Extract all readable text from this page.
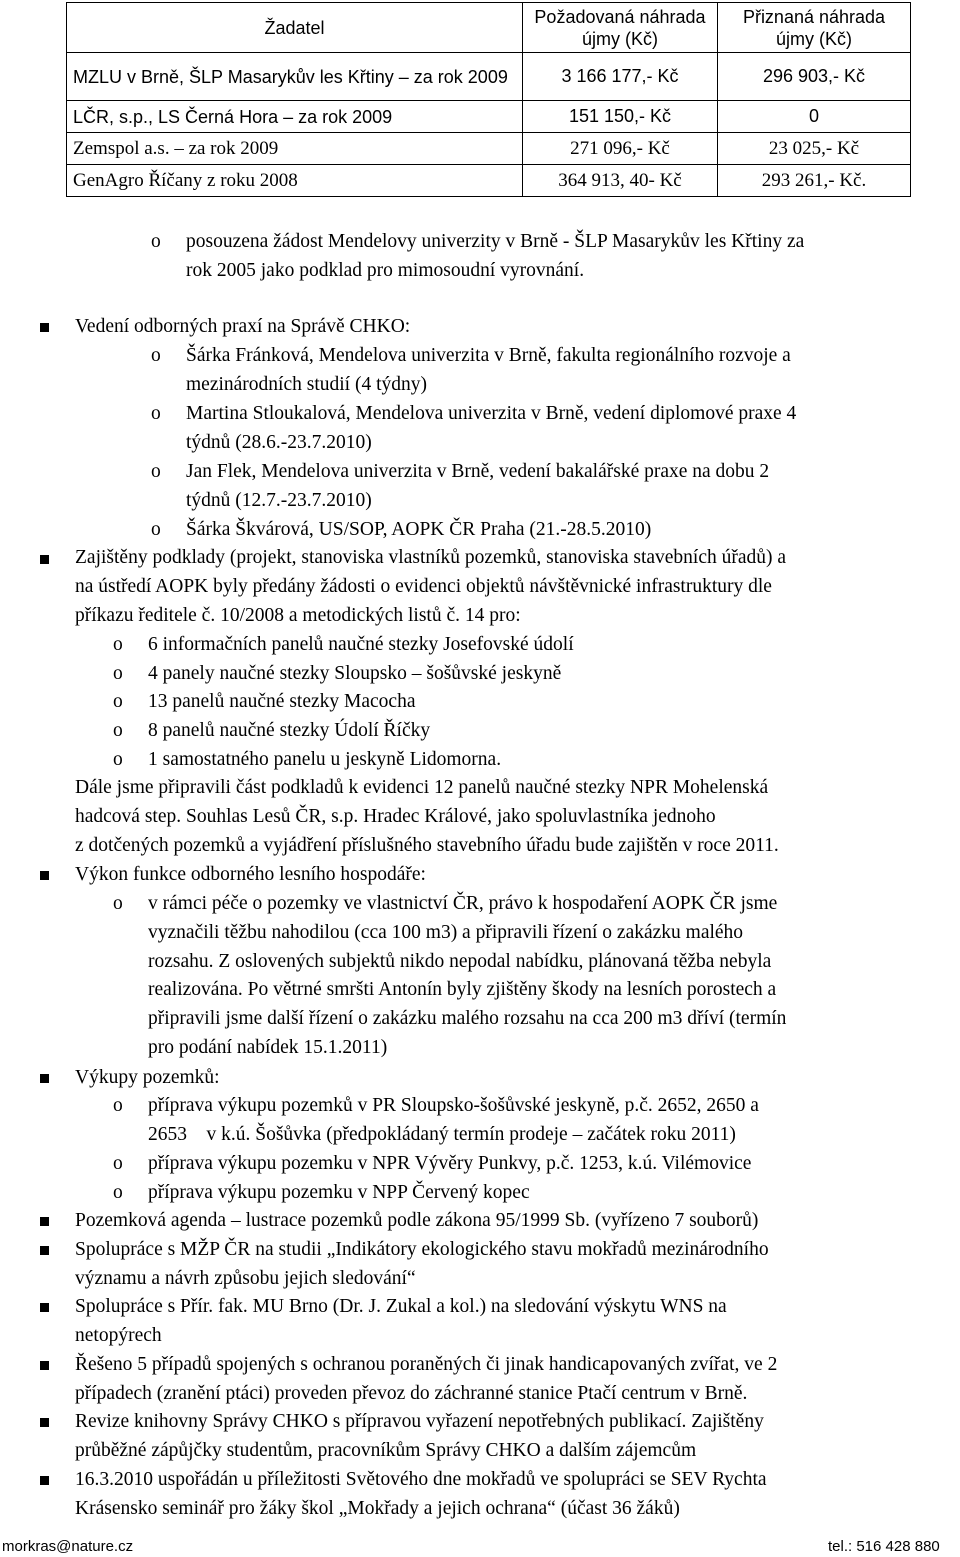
Žadatel	Požadovaná náhrada újmy (Kč)	Přiznaná náhrada újmy (Kč)
MZLU v Brně, ŠLP Masarykův les Křtiny – za rok 2009	3 166 177,- Kč	296 903,- Kč
LČR, s.p., LS Černá Hora – za rok 2009	151 150,- Kč	0
Zemspol a.s. – za rok 2009	271 096,- Kč	23 025,- Kč
GenAgro Říčany z roku 2008	364 913, 40- Kč	293 261,- Kč.
o posouzena žádost Mendelovy univerzity v Brně - ŠLP Masarykův les Křtiny za
rok 2005 jako podklad pro mimosoudní vyrovnání.
Vedení odborných praxí na Správě CHKO:
o Šárka Fránková, Mendelova univerzita v Brně, fakulta regionálního rozvoje a
mezinárodních studií (4 týdny)
o Martina Stloukalová, Mendelova univerzita v Brně, vedení diplomové praxe 4
týdnů (28.6.-23.7.2010)
o Jan Flek, Mendelova univerzita v Brně, vedení bakalářské praxe na dobu 2
týdnů (12.7.-23.7.2010)
o Šárka Škvárová, US/SOP, AOPK ČR Praha (21.-28.5.2010)
Zajištěny podklady (projekt, stanoviska vlastníků pozemků, stanoviska stavebních úřadů) a
na ústředí AOPK byly předány žádosti o evidenci objektů návštěvnické infrastruktury dle
příkazu ředitele č. 10/2008 a metodických listů č. 14 pro:
o 6 informačních panelů naučné stezky Josefovské údolí
o 4 panely naučné stezky Sloupsko – šošůvské jeskyně
o 13 panelů naučné stezky Macocha
o 8 panelů naučné stezky Údolí Říčky
o 1 samostatného panelu u jeskyně Lidomorna.
Dále jsme připravili část podkladů k evidenci 12 panelů naučné stezky NPR Mohelenská
hadcová step. Souhlas Lesů ČR, s.p. Hradec Králové, jako spoluvlastníka jednoho
z dotčených pozemků a vyjádření příslušného stavebního úřadu bude zajištěn v roce 2011.
Výkon funkce odborného lesního hospodáře:
o v rámci péče o pozemky ve vlastnictví ČR, právo k hospodaření AOPK ČR jsme
vyznačili těžbu nahodilou (cca 100 m3) a připravili řízení o zakázku malého
rozsahu. Z oslovených subjektů nikdo nepodal nabídku, plánovaná těžba nebyla
realizována. Po větrné smršti Antonín byly zjištěny škody na lesních porostech a
připravili jsme další řízení o zakázku malého rozsahu na cca 200 m3 dříví (termín
pro podání nabídek 15.1.2011)
Výkupy pozemků:
o příprava výkupu pozemků v PR Sloupsko-šošůvské jeskyně, p.č. 2652, 2650 a
2653    v k.ú. Šošůvka (předpokládaný termín prodeje – začátek roku 2011)
o příprava výkupu pozemku v NPR Vývěry Punkvy, p.č. 1253, k.ú. Vilémovice
o příprava výkupu pozemku v NPP Červený kopec
Pozemková agenda – lustrace pozemků podle zákona 95/1999 Sb. (vyřízeno 7 souborů)
Spolupráce s MŽP ČR na studii „Indikátory ekologického stavu mokřadů mezinárodního
významu a návrh způsobu jejich sledování“
Spolupráce s Přír. fak. MU Brno (Dr. J. Zukal a kol.) na sledování výskytu WNS na
netopýrech
Řešeno 5 případů spojených s ochranou poraněných či jinak handicapovaných zvířat, ve 2
případech (zranění ptáci) proveden převoz do záchranné stanice Ptačí centrum v Brně.
Revize knihovny Správy CHKO s přípravou vyřazení nepotřebných publikací. Zajištěny
průběžné zápůjčky studentům, pracovníkům Správy CHKO a dalším zájemcům
16.3.2010 uspořádán u příležitosti Světového dne mokřadů ve spolupráci se SEV Rychta
Krásensko seminář pro žáky škol „Mokřady a jejich ochrana“ (účast 36 žáků)
morkras@nature.cz	tel.: 516 428 880
